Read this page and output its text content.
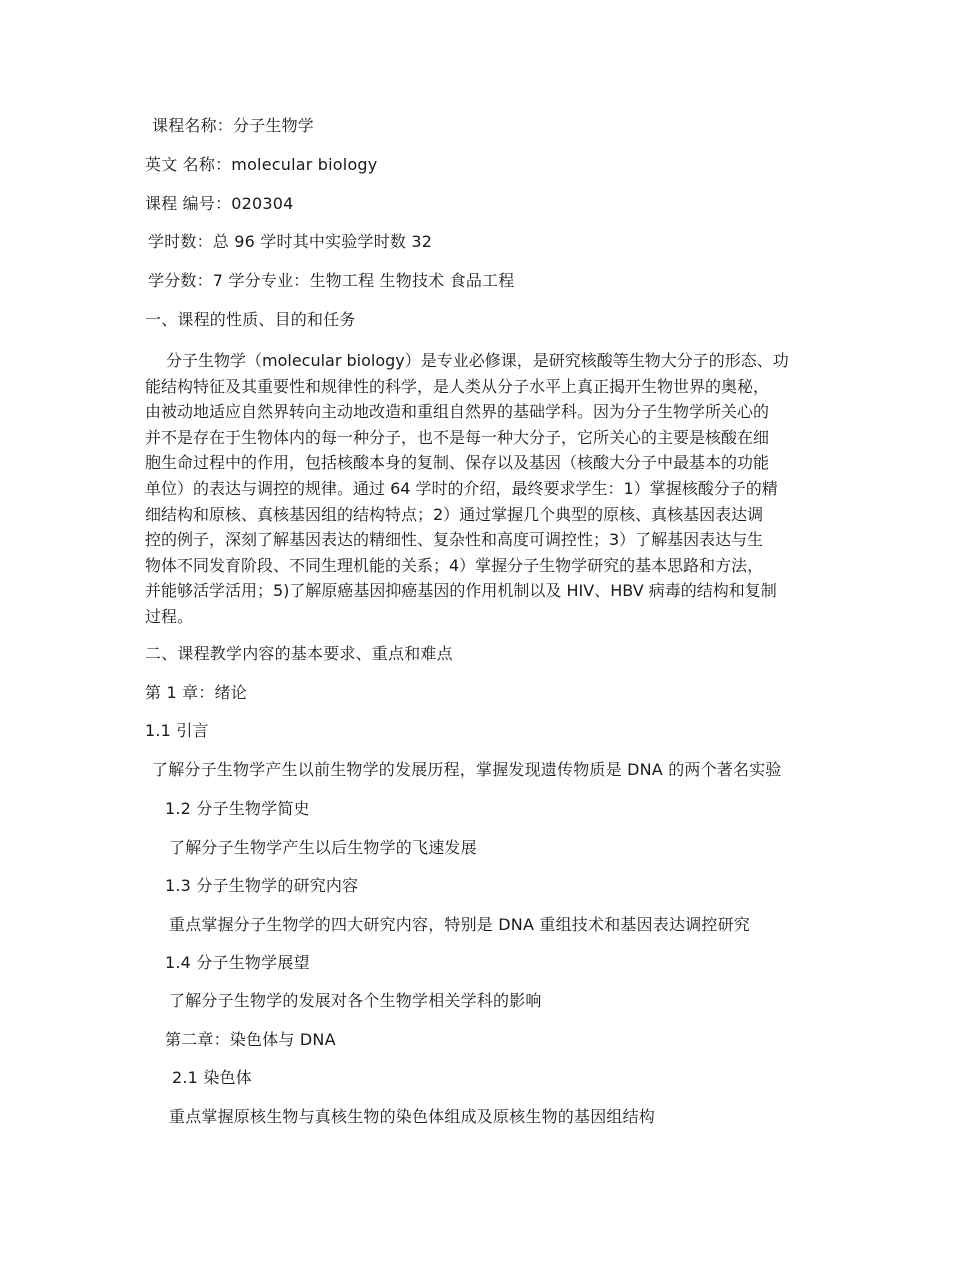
课程名称：分子生物学
英文 名称：molecular biology
课程 编号：020304
学时数：总 96 学时其中实验学时数 32
学分数：7 学分专业：生物工程 生物技术 食品工程
一、课程的性质、目的和任务
分子生物学（molecular biology）是专业必修课，是研究核酸等生物大分子的形态、功
能结构特征及其重要性和规律性的科学，是人类从分子水平上真正揭开生物世界的奥秘，
由被动地适应自然界转向主动地改造和重组自然界的基础学科。因为分子生物学所关心的
并不是存在于生物体内的每一种分子，也不是每一种大分子，它所关心的主要是核酸在细
胞生命过程中的作用，包括核酸本身的复制、保存以及基因（核酸大分子中最基本的功能
单位）的表达与调控的规律。通过 64 学时的介绍，最终要求学生：1）掌握核酸分子的精
细结构和原核、真核基因组的结构特点；2）通过掌握几个典型的原核、真核基因表达调
控的例子，深刻了解基因表达的精细性、复杂性和高度可调控性；3）了解基因表达与生
物体不同发育阶段、不同生理机能的关系；4）掌握分子生物学研究的基本思路和方法，
并能够活学活用；5)了解原癌基因抑癌基因的作用机制以及 HIV、HBV 病毒的结构和复制
过程。
二、课程教学内容的基本要求、重点和难点
第 1 章：绪论
1.1 引言
了解分子生物学产生以前生物学的发展历程，掌握发现遗传物质是 DNA 的两个著名实验
1.2 分子生物学简史
了解分子生物学产生以后生物学的飞速发展
1.3 分子生物学的研究内容
重点掌握分子生物学的四大研究内容，特别是 DNA 重组技术和基因表达调控研究
1.4 分子生物学展望
了解分子生物学的发展对各个生物学相关学科的影响
第二章：染色体与 DNA
2.1 染色体
重点掌握原核生物与真核生物的染色体组成及原核生物的基因组结构
